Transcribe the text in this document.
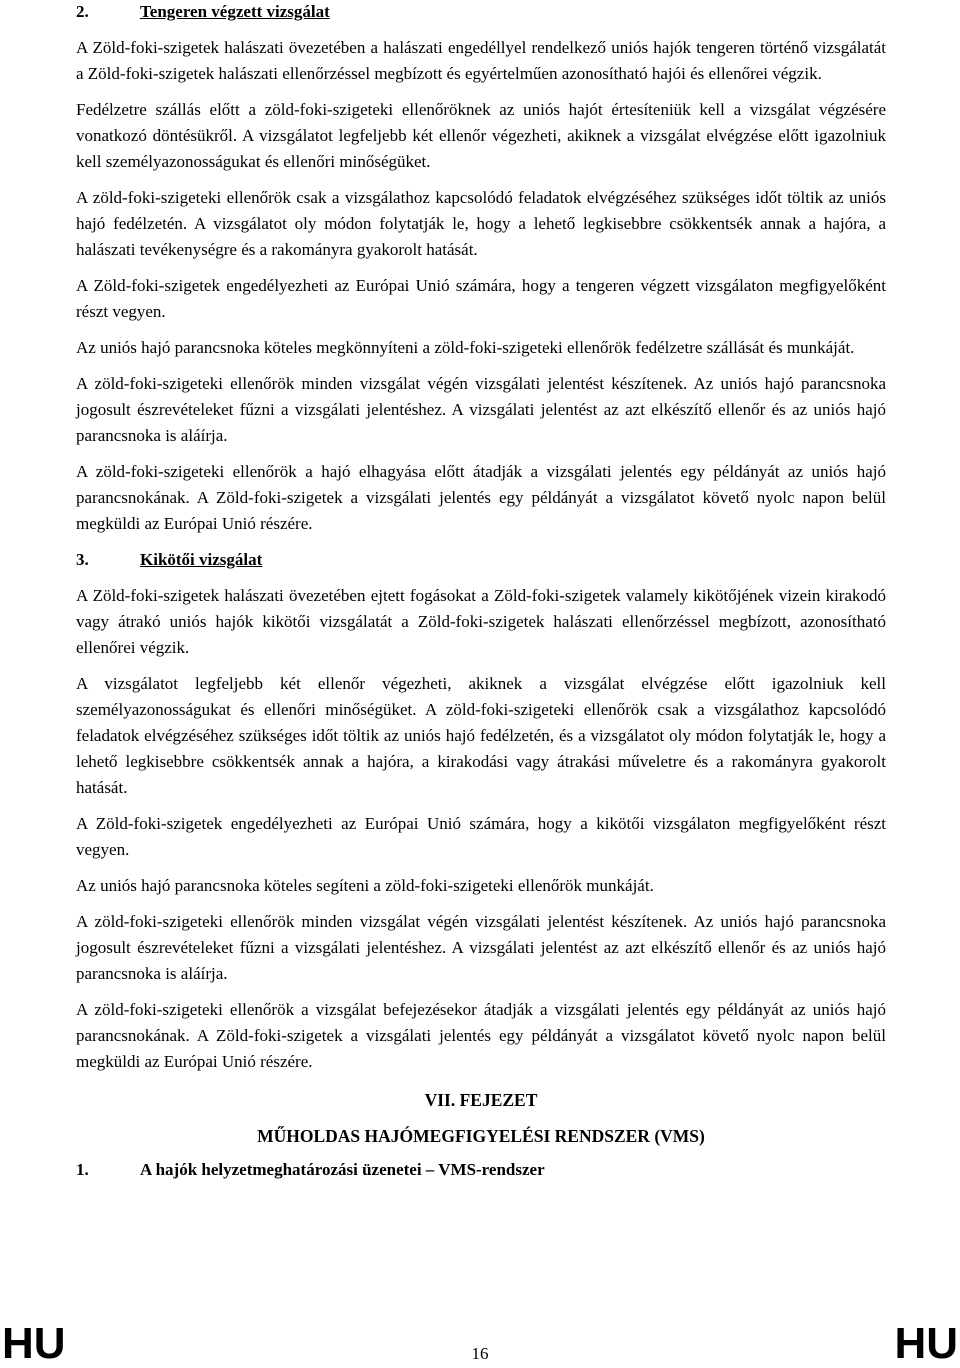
2.	Tengeren végzett vizsgálat

A Zöld-foki-szigetek halászati övezetében a halászati engedéllyel rendelkező uniós hajók tengeren történő vizsgálatát a Zöld-foki-szigetek halászati ellenőrzéssel megbízott és egyértelműen azonosítható hajói és ellenőrei végzik.

Fedélzetre szállás előtt a zöld-foki-szigeteki ellenőröknek az uniós hajót értesíteniük kell a vizsgálat végzésére vonatkozó döntésükről. A vizsgálatot legfeljebb két ellenőr végezheti, akiknek a vizsgálat elvégzése előtt igazolniuk kell személyazonosságukat és ellenőri minőségüket.

A zöld-foki-szigeteki ellenőrök csak a vizsgálathoz kapcsolódó feladatok elvégzéséhez szükséges időt töltik az uniós hajó fedélzetén. A vizsgálatot oly módon folytatják le, hogy a lehető legkisebbre csökkentsék annak a hajóra, a halászati tevékenységre és a rakományra gyakorolt hatását.

A Zöld-foki-szigetek engedélyezheti az Európai Unió számára, hogy a tengeren végzett vizsgálaton megfigyelőként részt vegyen.

Az uniós hajó parancsnoka köteles megkönnyíteni a zöld-foki-szigeteki ellenőrök fedélzetre szállását és munkáját.

A zöld-foki-szigeteki ellenőrök minden vizsgálat végén vizsgálati jelentést készítenek. Az uniós hajó parancsnoka jogosult észrevételeket fűzni a vizsgálati jelentéshez. A vizsgálati jelentést az azt elkészítő ellenőr és az uniós hajó parancsnoka is aláírja.

A zöld-foki-szigeteki ellenőrök a hajó elhagyása előtt átadják a vizsgálati jelentés egy példányát az uniós hajó parancsnokának. A Zöld-foki-szigetek a vizsgálati jelentés egy példányát a vizsgálatot követő nyolc napon belül megküldi az Európai Unió részére.

3.	Kikötői vizsgálat

A Zöld-foki-szigetek halászati övezetében ejtett fogásokat a Zöld-foki-szigetek valamely kikötőjének vizein kirakodó vagy átrakó uniós hajók kikötői vizsgálatát a Zöld-foki-szigetek halászati ellenőrzéssel megbízott, azonosítható ellenőrei végzik.

A vizsgálatot legfeljebb két ellenőr végezheti, akiknek a vizsgálat elvégzése előtt igazolniuk kell személyazonosságukat és ellenőri minőségüket. A zöld-foki-szigeteki ellenőrök csak a vizsgálathoz kapcsolódó feladatok elvégzéséhez szükséges időt töltik az uniós hajó fedélzetén, és a vizsgálatot oly módon folytatják le, hogy a lehető legkisebbre csökkentsék annak a hajóra, a kirakodási vagy átrakási műveletre és a rakományra gyakorolt hatását.

A Zöld-foki-szigetek engedélyezheti az Európai Unió számára, hogy a kikötői vizsgálaton megfigyelőként részt vegyen.

Az uniós hajó parancsnoka köteles segíteni a zöld-foki-szigeteki ellenőrök munkáját.

A zöld-foki-szigeteki ellenőrök minden vizsgálat végén vizsgálati jelentést készítenek. Az uniós hajó parancsnoka jogosult észrevételeket fűzni a vizsgálati jelentéshez. A vizsgálati jelentést az azt elkészítő ellenőr és az uniós hajó parancsnoka is aláírja.

A zöld-foki-szigeteki ellenőrök a vizsgálat befejezésekor átadják a vizsgálati jelentés egy példányát az uniós hajó parancsnokának. A Zöld-foki-szigetek a vizsgálati jelentés egy példányát a vizsgálatot követő nyolc napon belül megküldi az Európai Unió részére.

VII. FEJEZET

MŰHOLDAS HAJÓMEGFIGYELÉSI RENDSZER (VMS)

1.	A hajók helyzetmeghatározási üzenetei – VMS-rendszer
HU	16	HU
